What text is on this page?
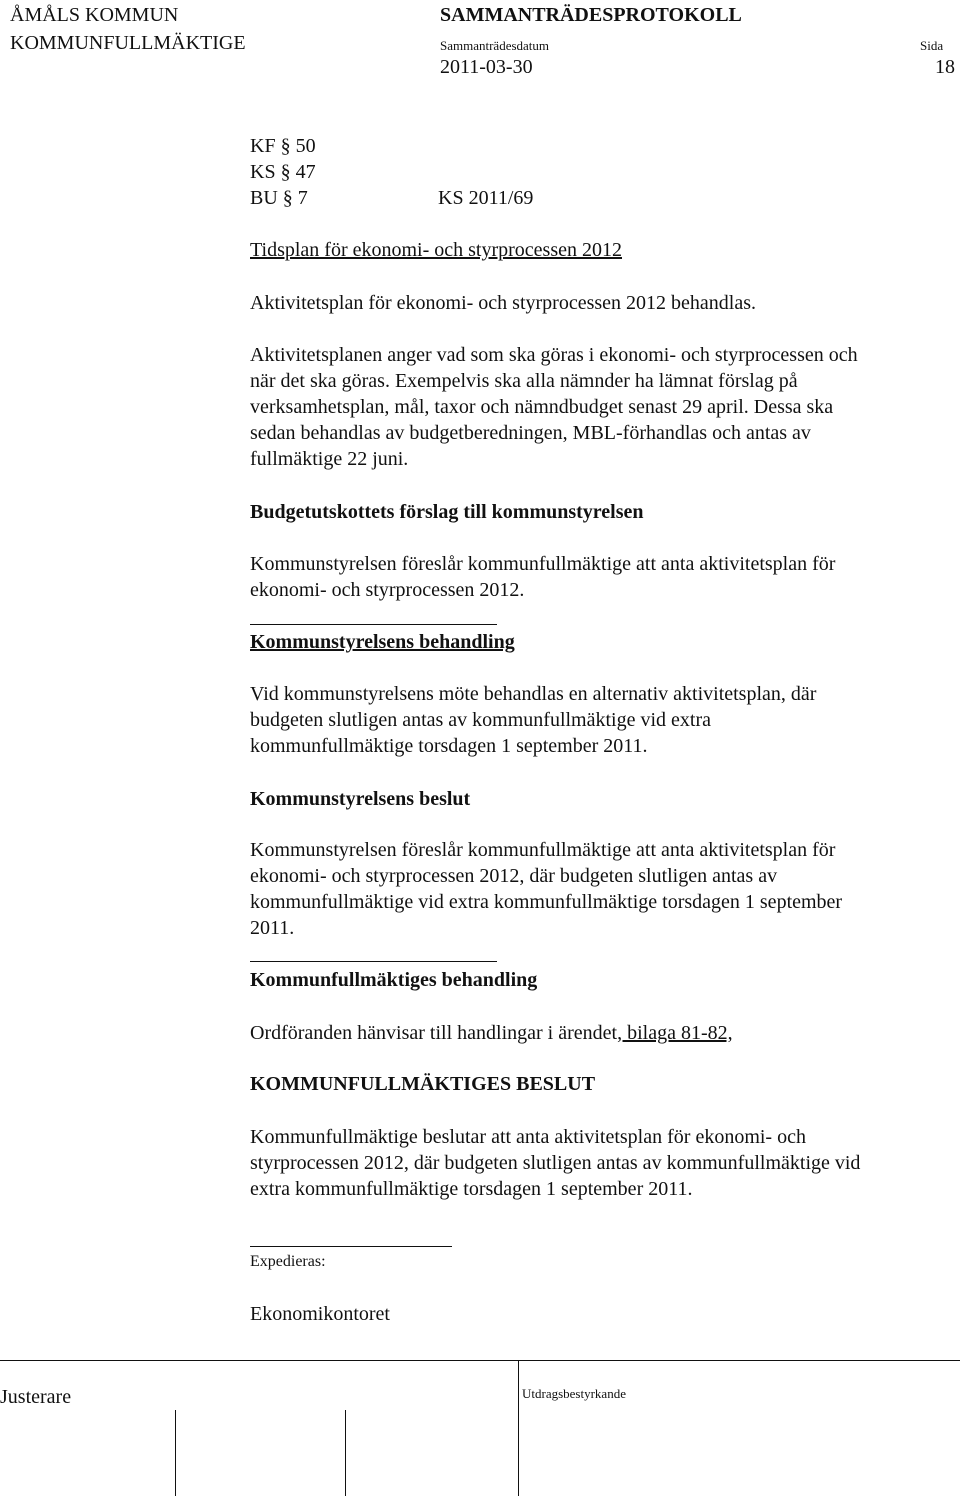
ÅMÅLS KOMMUN
KOMMUNFULLMÄKTIGE
SAMMANTRÄDESPROTOKOLL
Sammanträdesdatum	Sida
2011-03-30	18
KF § 50
KS § 47
BU § 7	KS 2011/69
Tidsplan för ekonomi- och styrprocessen 2012
Aktivitetsplan för ekonomi- och styrprocessen 2012 behandlas.
Aktivitetsplanen anger vad som ska göras i ekonomi- och styrprocessen och
när det ska göras. Exempelvis ska alla nämnder ha lämnat förslag på
verksamhetsplan, mål, taxor och nämndbudget senast 29 april. Dessa ska
sedan behandlas av budgetberedningen, MBL-förhandlas och antas av
fullmäktige 22 juni.
Budgetutskottets förslag till kommunstyrelsen
Kommunstyrelsen föreslår kommunfullmäktige att anta aktivitetsplan för
ekonomi- och styrprocessen 2012.
Kommunstyrelsens behandling
Vid kommunstyrelsens möte behandlas en alternativ aktivitetsplan, där
budgeten slutligen antas av kommunfullmäktige vid extra
kommunfullmäktige torsdagen 1 september 2011.
Kommunstyrelsens beslut
Kommunstyrelsen föreslår kommunfullmäktige att anta aktivitetsplan för
ekonomi- och styrprocessen 2012, där budgeten slutligen antas av
kommunfullmäktige vid extra kommunfullmäktige torsdagen 1 september
2011.
Kommunfullmäktiges behandling
Ordföranden hänvisar till handlingar i ärendet, bilaga 81-82,
KOMMUNFULLMÄKTIGES BESLUT
Kommunfullmäktige beslutar att anta aktivitetsplan för ekonomi- och
styrprocessen 2012, där budgeten slutligen antas av kommunfullmäktige vid
extra kommunfullmäktige torsdagen 1 september 2011.
Expedieras:
Ekonomikontoret
Justerare	Utdragsbestyrkande
